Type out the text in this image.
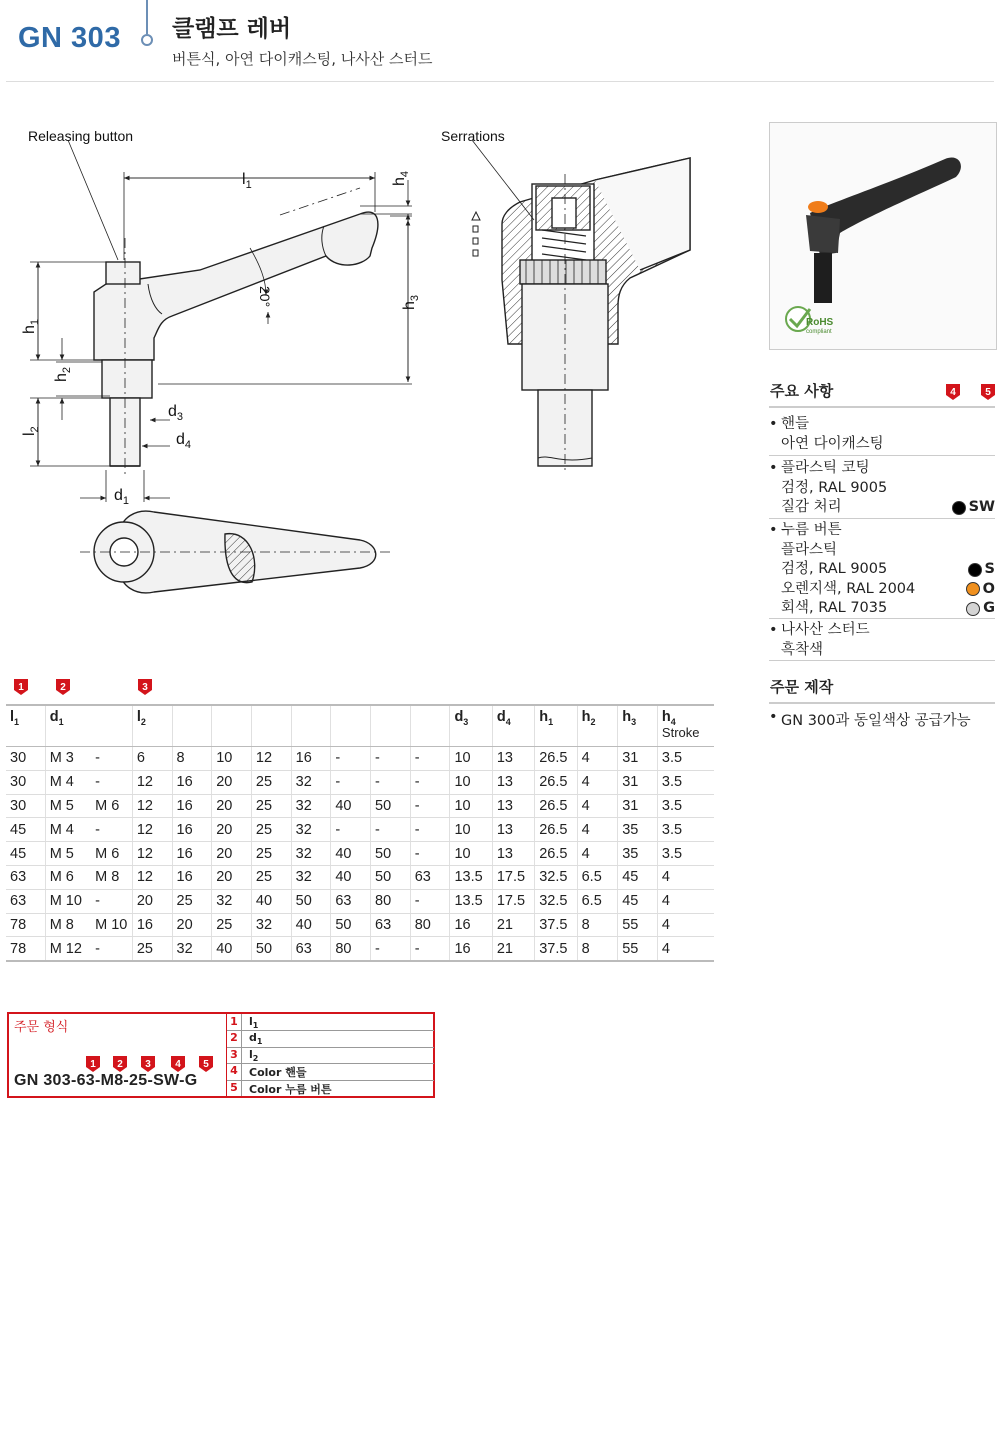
GN 303 클램프 레버
버튼식, 아연 다이캐스팅, 나사산 스터드
Releasing button	Serrations
20°
$l_1$	$h_4$
$h_3$
$h_1$
$h_2$
$l_2$
$d_3$
$d_4$
$d_1$
RoHS
compliant
주요 사항	4	5
• 핸들
아연 다이캐스팅
• 플라스틱 코팅
검정, RAL 9005
질감 처리	SW
• 누름 버튼
플라스틱
검정, RAL 9005	S
오렌지색, RAL 2004	O
회색, RAL 7035	G
• 나사산 스터드
흑착색
주문 제작
• GN 300과 동일색상 공급가능
1	2	3
$l_1$	$d_1$		$l_2$								$d_3$	$d_4$	$h_1$	$h_2$	$h_3$	$h_4$
Stroke

30	M 3	-	6	8	10	12	16	-	-	-	10	13	26.5	4	31	3.5
30	M 4	-	12	16	20	25	32	-	-	-	10	13	26.5	4	31	3.5
30	M 5	M 6	12	16	20	25	32	40	50	-	10	13	26.5	4	31	3.5
45	M 4	-	12	16	20	25	32	-	-	-	10	13	26.5	4	35	3.5
45	M 5	M 6	12	16	20	25	32	40	50	-	10	13	26.5	4	35	3.5
63	M 6	M 8	12	16	20	25	32	40	50	63	13.5	17.5	32.5	6.5	45	4
63	M 10	-	20	25	32	40	50	63	80	-	13.5	17.5	32.5	6.5	45	4
78	M 8	M 10	16	20	25	32	40	50	63	80	16	21	37.5	8	55	4
78	M 12	-	25	32	40	50	63	80	-	-	16	21	37.5	8	55	4
주문 형식
1 2 3 4 5
GN 303-63-M8-25-SW-G
1 $l_1$
2 $d_1$
3 $l_2$
4 Color 핸들
5 Color 누름 버튼
